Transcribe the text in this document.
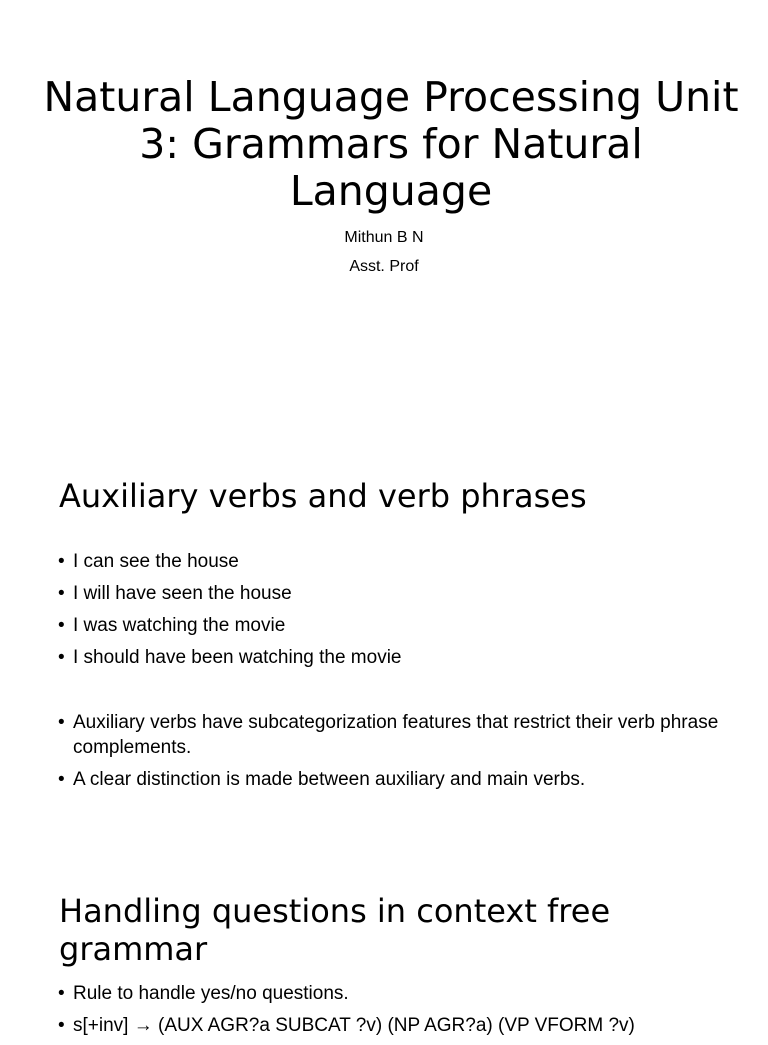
Natural Language Processing Unit 3: Grammars for Natural Language

Mithun B N

Asst. Prof

Auxiliary verbs and verb phrases
• I can see the house
• I will have seen the house
• I was watching the movie
• I should have been watching the movie
• Auxiliary verbs have subcategorization features that restrict their verb phrase complements.
• A clear distinction is made between auxiliary and main verbs.
Handling questions in context free grammar
• Rule to handle yes/no questions.
• s[+inv] → (AUX AGR?a SUBCAT ?v) (NP AGR?a) (VP VFORM ?v)
